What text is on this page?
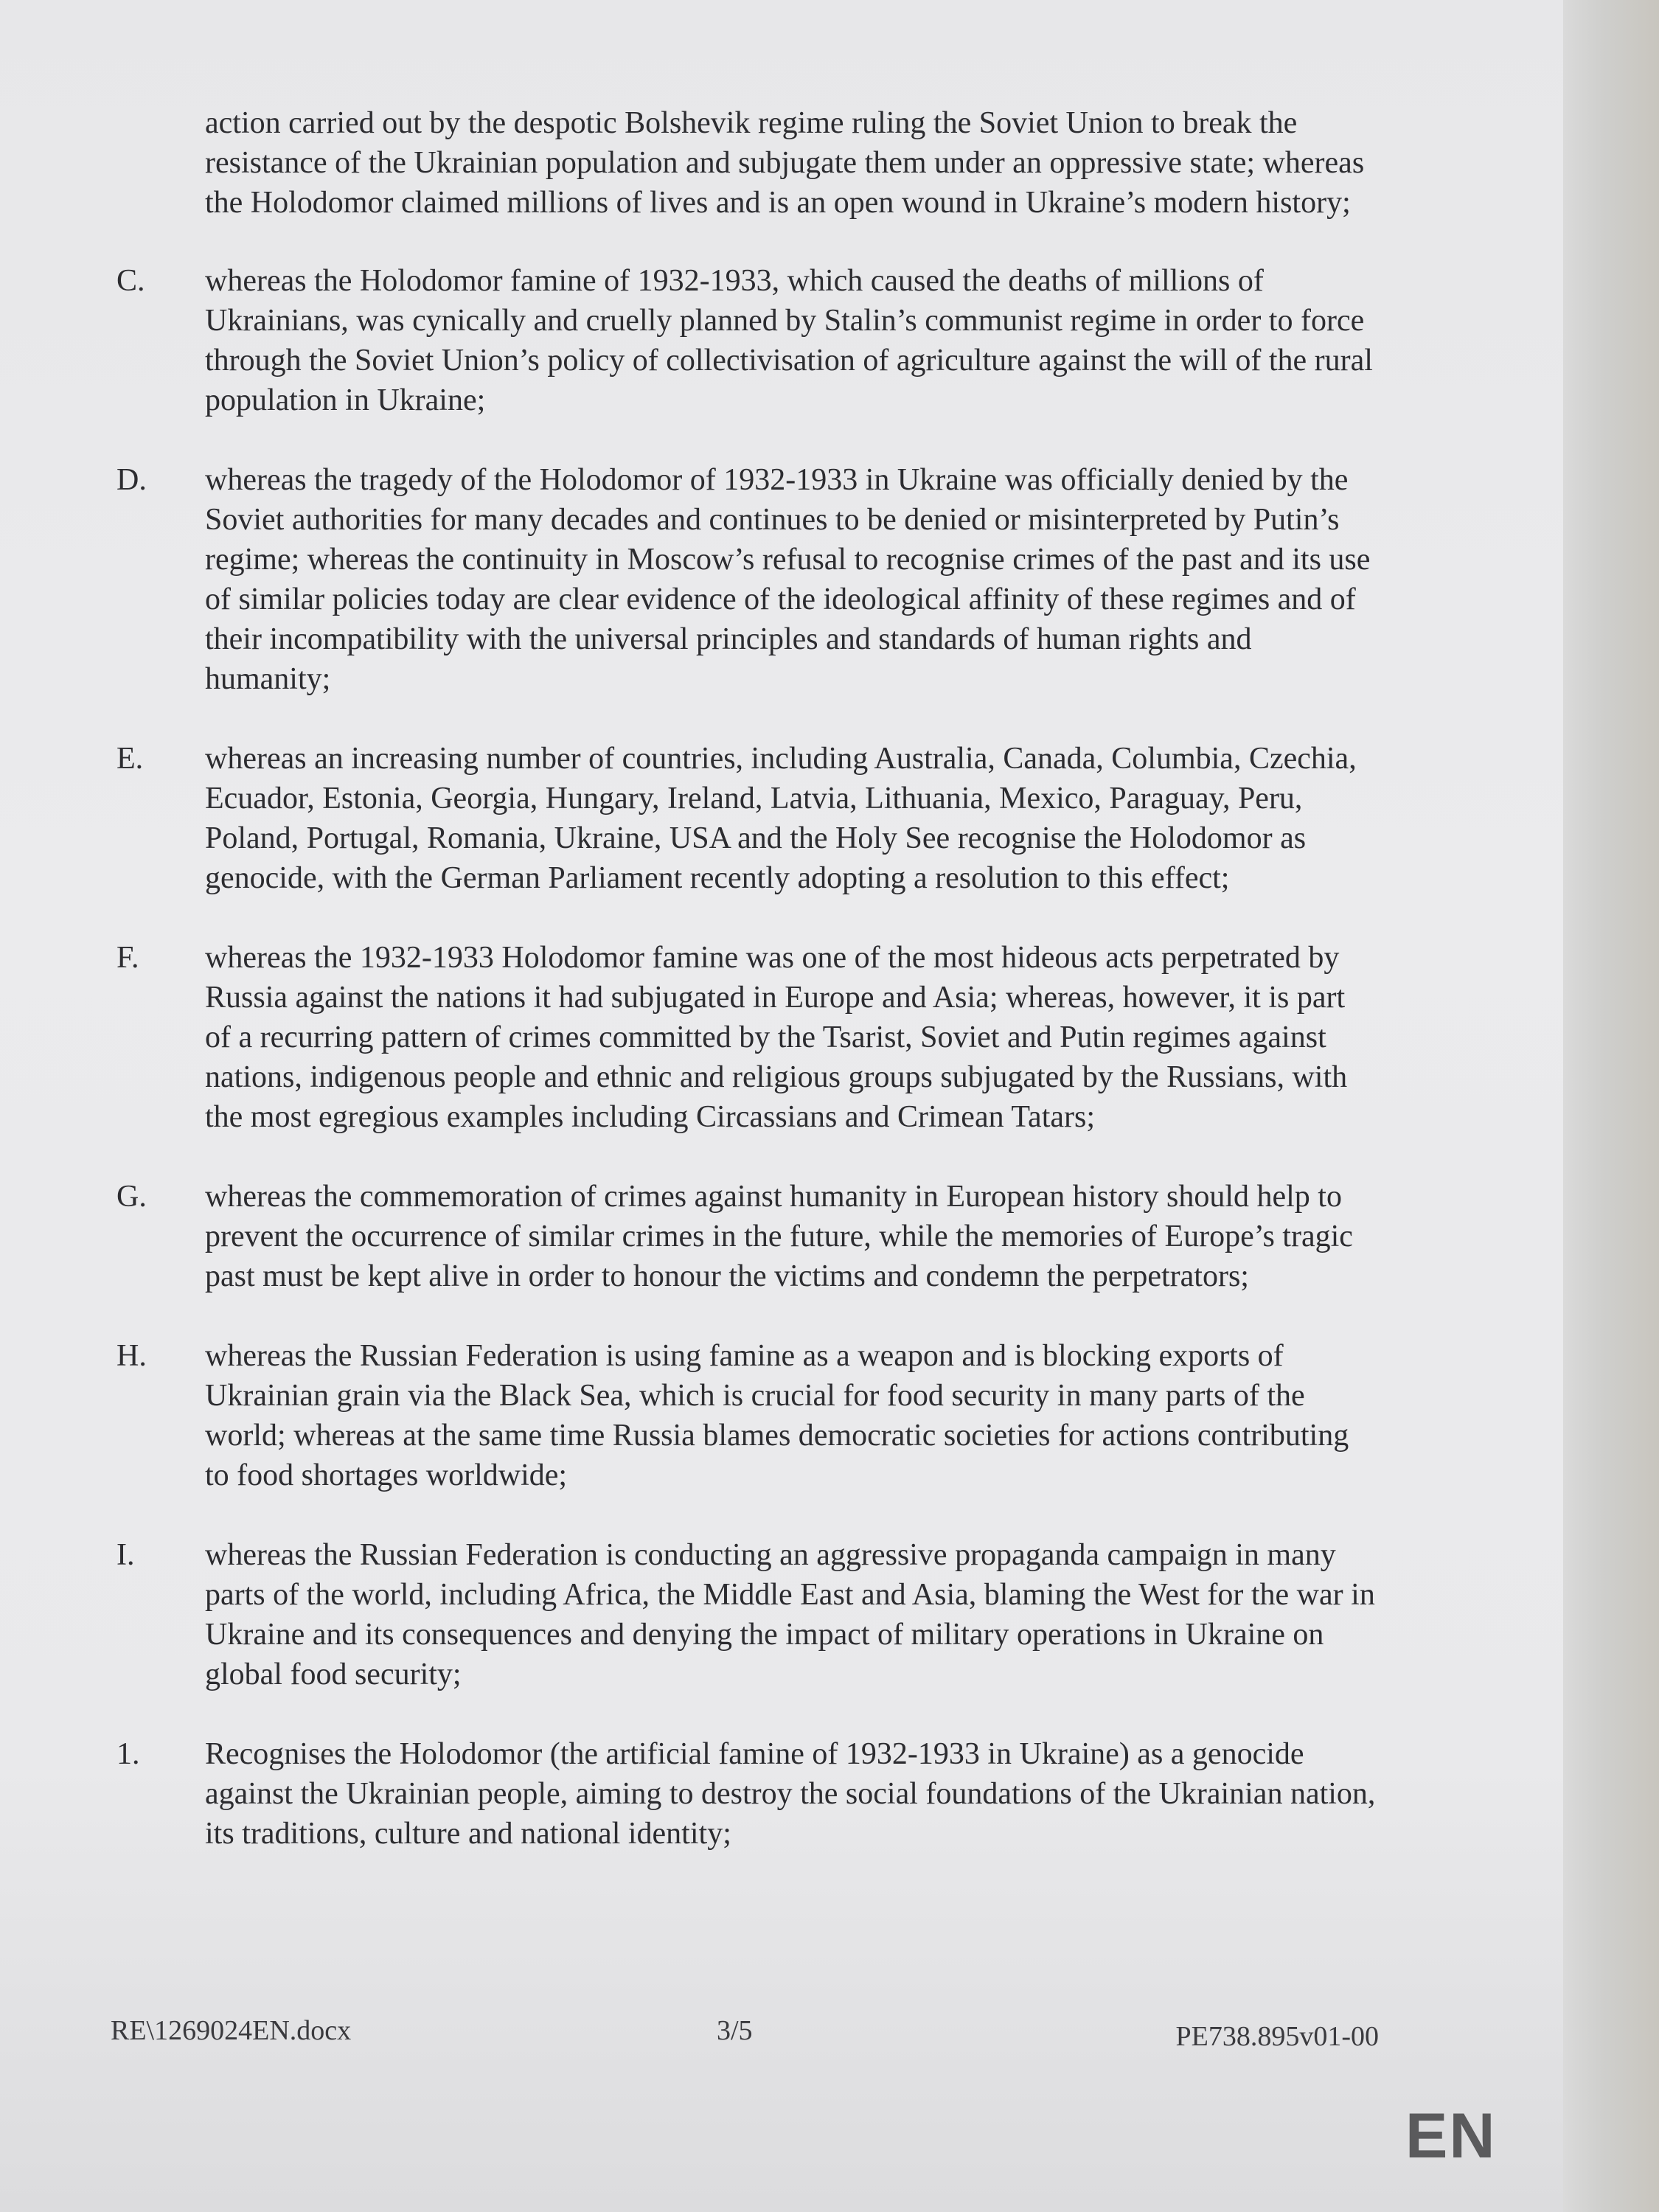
action carried out by the despotic Bolshevik regime ruling the Soviet Union to break the resistance of the Ukrainian population and subjugate them under an oppressive state; whereas the Holodomor claimed millions of lives and is an open wound in Ukraine’s modern history;
C.	whereas the Holodomor famine of 1932-1933, which caused the deaths of millions of Ukrainians, was cynically and cruelly planned by Stalin’s communist regime in order to force through the Soviet Union’s policy of collectivisation of agriculture against the will of the rural population in Ukraine;
D.	whereas the tragedy of the Holodomor of 1932-1933 in Ukraine was officially denied by the Soviet authorities for many decades and continues to be denied or misinterpreted by Putin’s regime; whereas the continuity in Moscow’s refusal to recognise crimes of the past and its use of similar policies today are clear evidence of the ideological affinity of these regimes and of their incompatibility with the universal principles and standards of human rights and humanity;
E.	whereas an increasing number of countries, including Australia, Canada, Columbia, Czechia, Ecuador, Estonia, Georgia, Hungary, Ireland, Latvia, Lithuania, Mexico, Paraguay, Peru, Poland, Portugal, Romania, Ukraine, USA and the Holy See recognise the Holodomor as genocide, with the German Parliament recently adopting a resolution to this effect;
F.	whereas the 1932-1933 Holodomor famine was one of the most hideous acts perpetrated by Russia against the nations it had subjugated in Europe and Asia; whereas, however, it is part of a recurring pattern of crimes committed by the Tsarist, Soviet and Putin regimes against nations, indigenous people and ethnic and religious groups subjugated by the Russians, with the most egregious examples including Circassians and Crimean Tatars;
G.	whereas the commemoration of crimes against humanity in European history should help to prevent the occurrence of similar crimes in the future, while the memories of Europe’s tragic past must be kept alive in order to honour the victims and condemn the perpetrators;
H.	whereas the Russian Federation is using famine as a weapon and is blocking exports of Ukrainian grain via the Black Sea, which is crucial for food security in many parts of the world; whereas at the same time Russia blames democratic societies for actions contributing to food shortages worldwide;
I.	whereas the Russian Federation is conducting an aggressive propaganda campaign in many parts of the world, including Africa, the Middle East and Asia, blaming the West for the war in Ukraine and its consequences and denying the impact of military operations in Ukraine on global food security;
1.	Recognises the Holodomor (the artificial famine of 1932-1933 in Ukraine) as a genocide against the Ukrainian people, aiming to destroy the social foundations of the Ukrainian nation, its traditions, culture and national identity;
RE\1269024EN.docx	3/5	PE738.895v01-00
EN
